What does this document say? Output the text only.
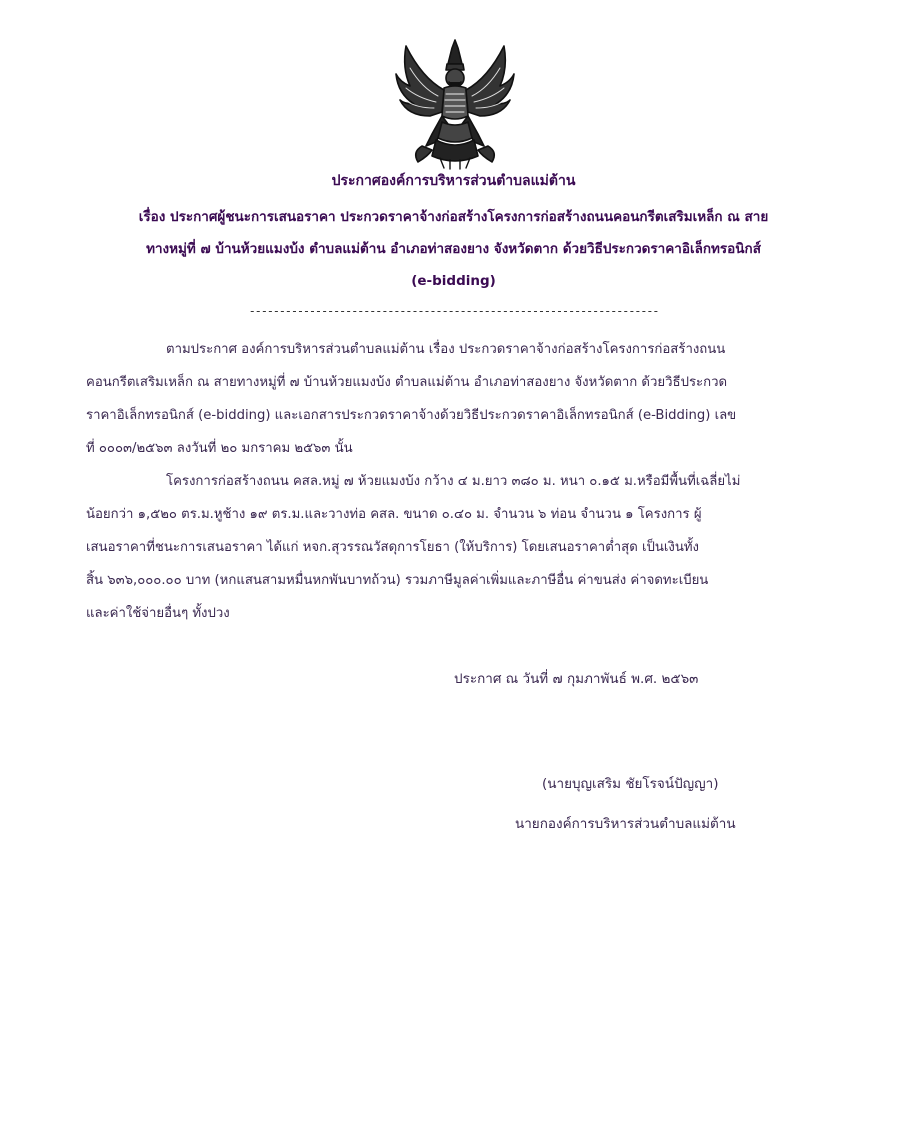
ประกาศองค์การบริหารส่วนตำบลแม่ต้าน
เรื่อง ประกาศผู้ชนะการเสนอราคา ประกวดราคาจ้างก่อสร้างโครงการก่อสร้างถนนคอนกรีตเสริมเหล็ก ณ สาย
ทางหมู่ที่ ๗ บ้านห้วยแมงบ้ง ตำบลแม่ต้าน อำเภอท่าสองยาง จังหวัดตาก ด้วยวิธีประกวดราคาอิเล็กทรอนิกส์
(e-bidding)
--------------------------------------------------------------------
ตามประกาศ องค์การบริหารส่วนตำบลแม่ต้าน เรื่อง ประกวดราคาจ้างก่อสร้างโครงการก่อสร้างถนน
คอนกรีตเสริมเหล็ก ณ สายทางหมู่ที่ ๗ บ้านห้วยแมงบ้ง ตำบลแม่ต้าน อำเภอท่าสองยาง จังหวัดตาก ด้วยวิธีประกวด
ราคาอิเล็กทรอนิกส์ (e-bidding) และเอกสารประกวดราคาจ้างด้วยวิธีประกวดราคาอิเล็กทรอนิกส์ (e-Bidding) เลข
ที่ ๐๐๐๓/๒๕๖๓ ลงวันที่ ๒๐ มกราคม ๒๕๖๓ นั้น
โครงการก่อสร้างถนน คสล.หมู่ ๗ ห้วยแมงบ้ง กว้าง ๔ ม.ยาว ๓๘๐ ม. หนา ๐.๑๕ ม.หรือมีพื้นที่เฉลี่ยไม่
น้อยกว่า ๑,๕๒๐ ตร.ม.หูช้าง ๑๙ ตร.ม.และวางท่อ คสล. ขนาด ๐.๔๐ ม. จำนวน ๖ ท่อน จำนวน ๑ โครงการ ผู้
เสนอราคาที่ชนะการเสนอราคา ได้แก่ หจก.สุวรรณวัสดุการโยธา (ให้บริการ) โดยเสนอราคาต่ำสุด เป็นเงินทั้ง
สิ้น ๖๓๖,๐๐๐.๐๐ บาท (หกแสนสามหมื่นหกพันบาทถ้วน) รวมภาษีมูลค่าเพิ่มและภาษีอื่น ค่าขนส่ง ค่าจดทะเบียน
และค่าใช้จ่ายอื่นๆ ทั้งปวง
ประกาศ ณ วันที่ ๗ กุมภาพันธ์ พ.ศ. ๒๕๖๓
(นายบุญเสริม ชัยโรจน์ปัญญา)
นายกองค์การบริหารส่วนตำบลแม่ต้าน
